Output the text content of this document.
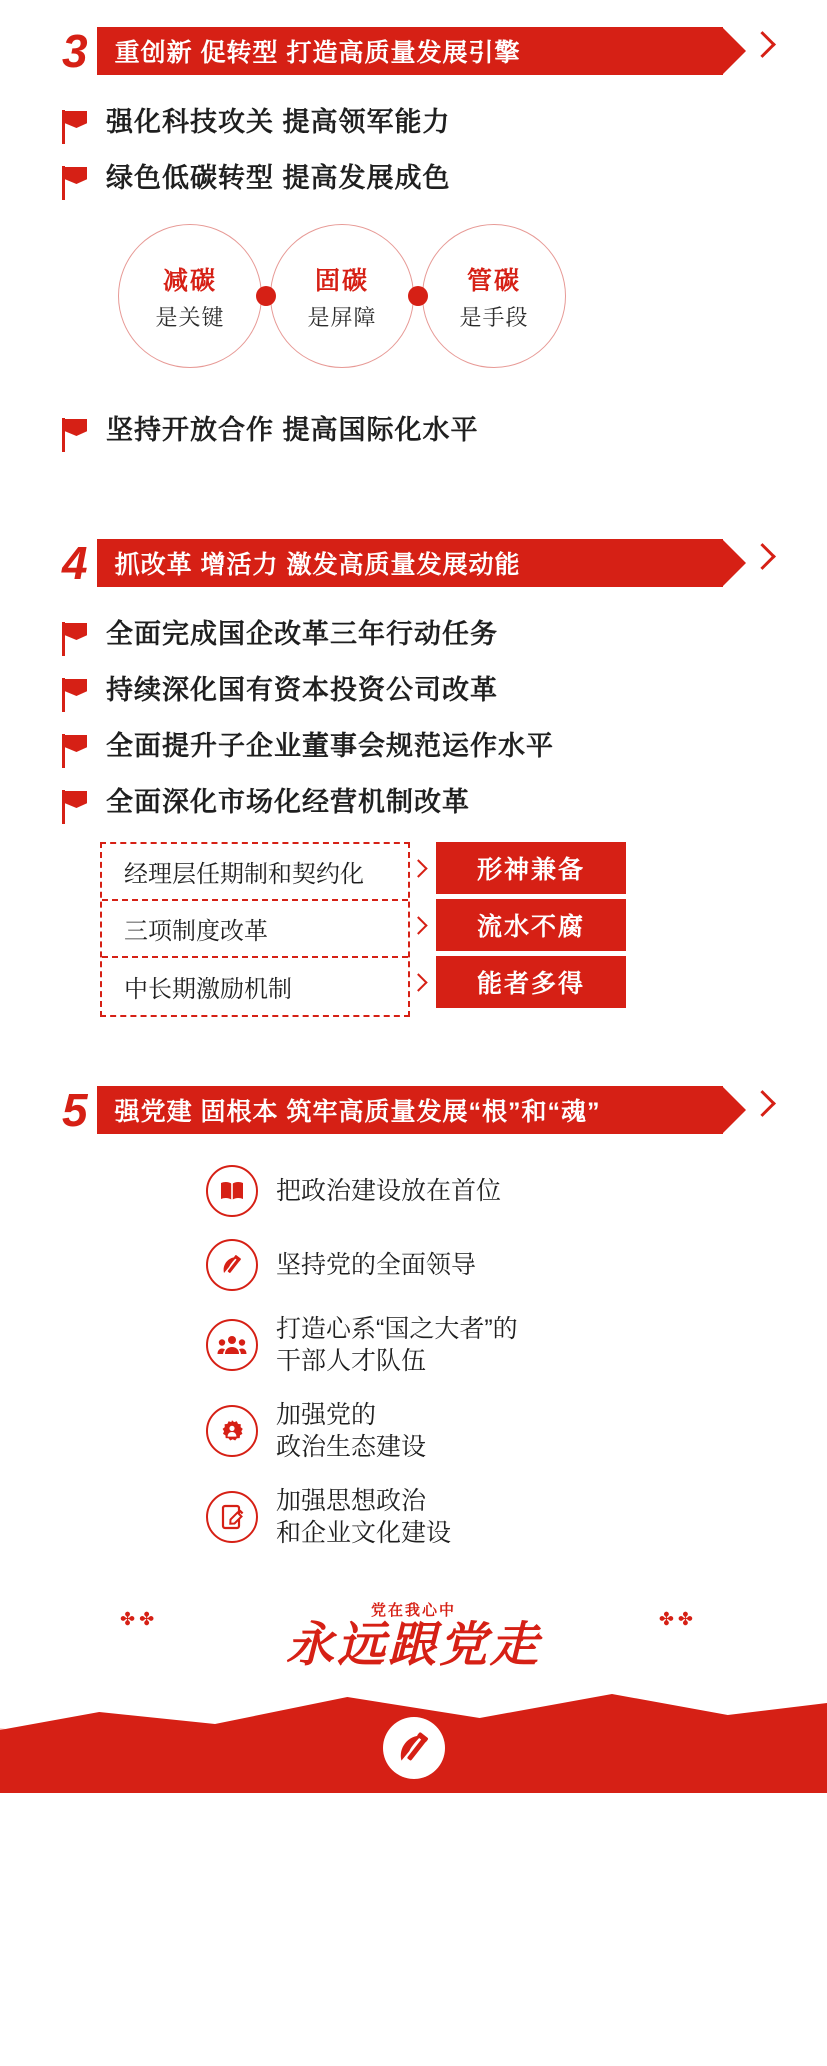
3 重创新 促转型 打造高质量发展引擎
强化科技攻关 提高领军能力
绿色低碳转型 提高发展成色
减碳
是关键
固碳
是屏障
管碳
是手段
坚持开放合作 提高国际化水平
4 抓改革 增活力 激发高质量发展动能
全面完成国企改革三年行动任务
持续深化国有资本投资公司改革
全面提升子企业董事会规范运作水平
全面深化市场化经营机制改革
经理层任期制和契约化
三项制度改革
中长期激励机制
形神兼备
流水不腐
能者多得
5 强党建 固根本 筑牢高质量发展“根”和“魂”
把政治建设放在首位
坚持党的全面领导
打造心系“国之大者”的
干部人才队伍
加强党的
政治生态建设
加强思想政治
和企业文化建设
✤✤	✤✤
党在我心中
永远跟党走
